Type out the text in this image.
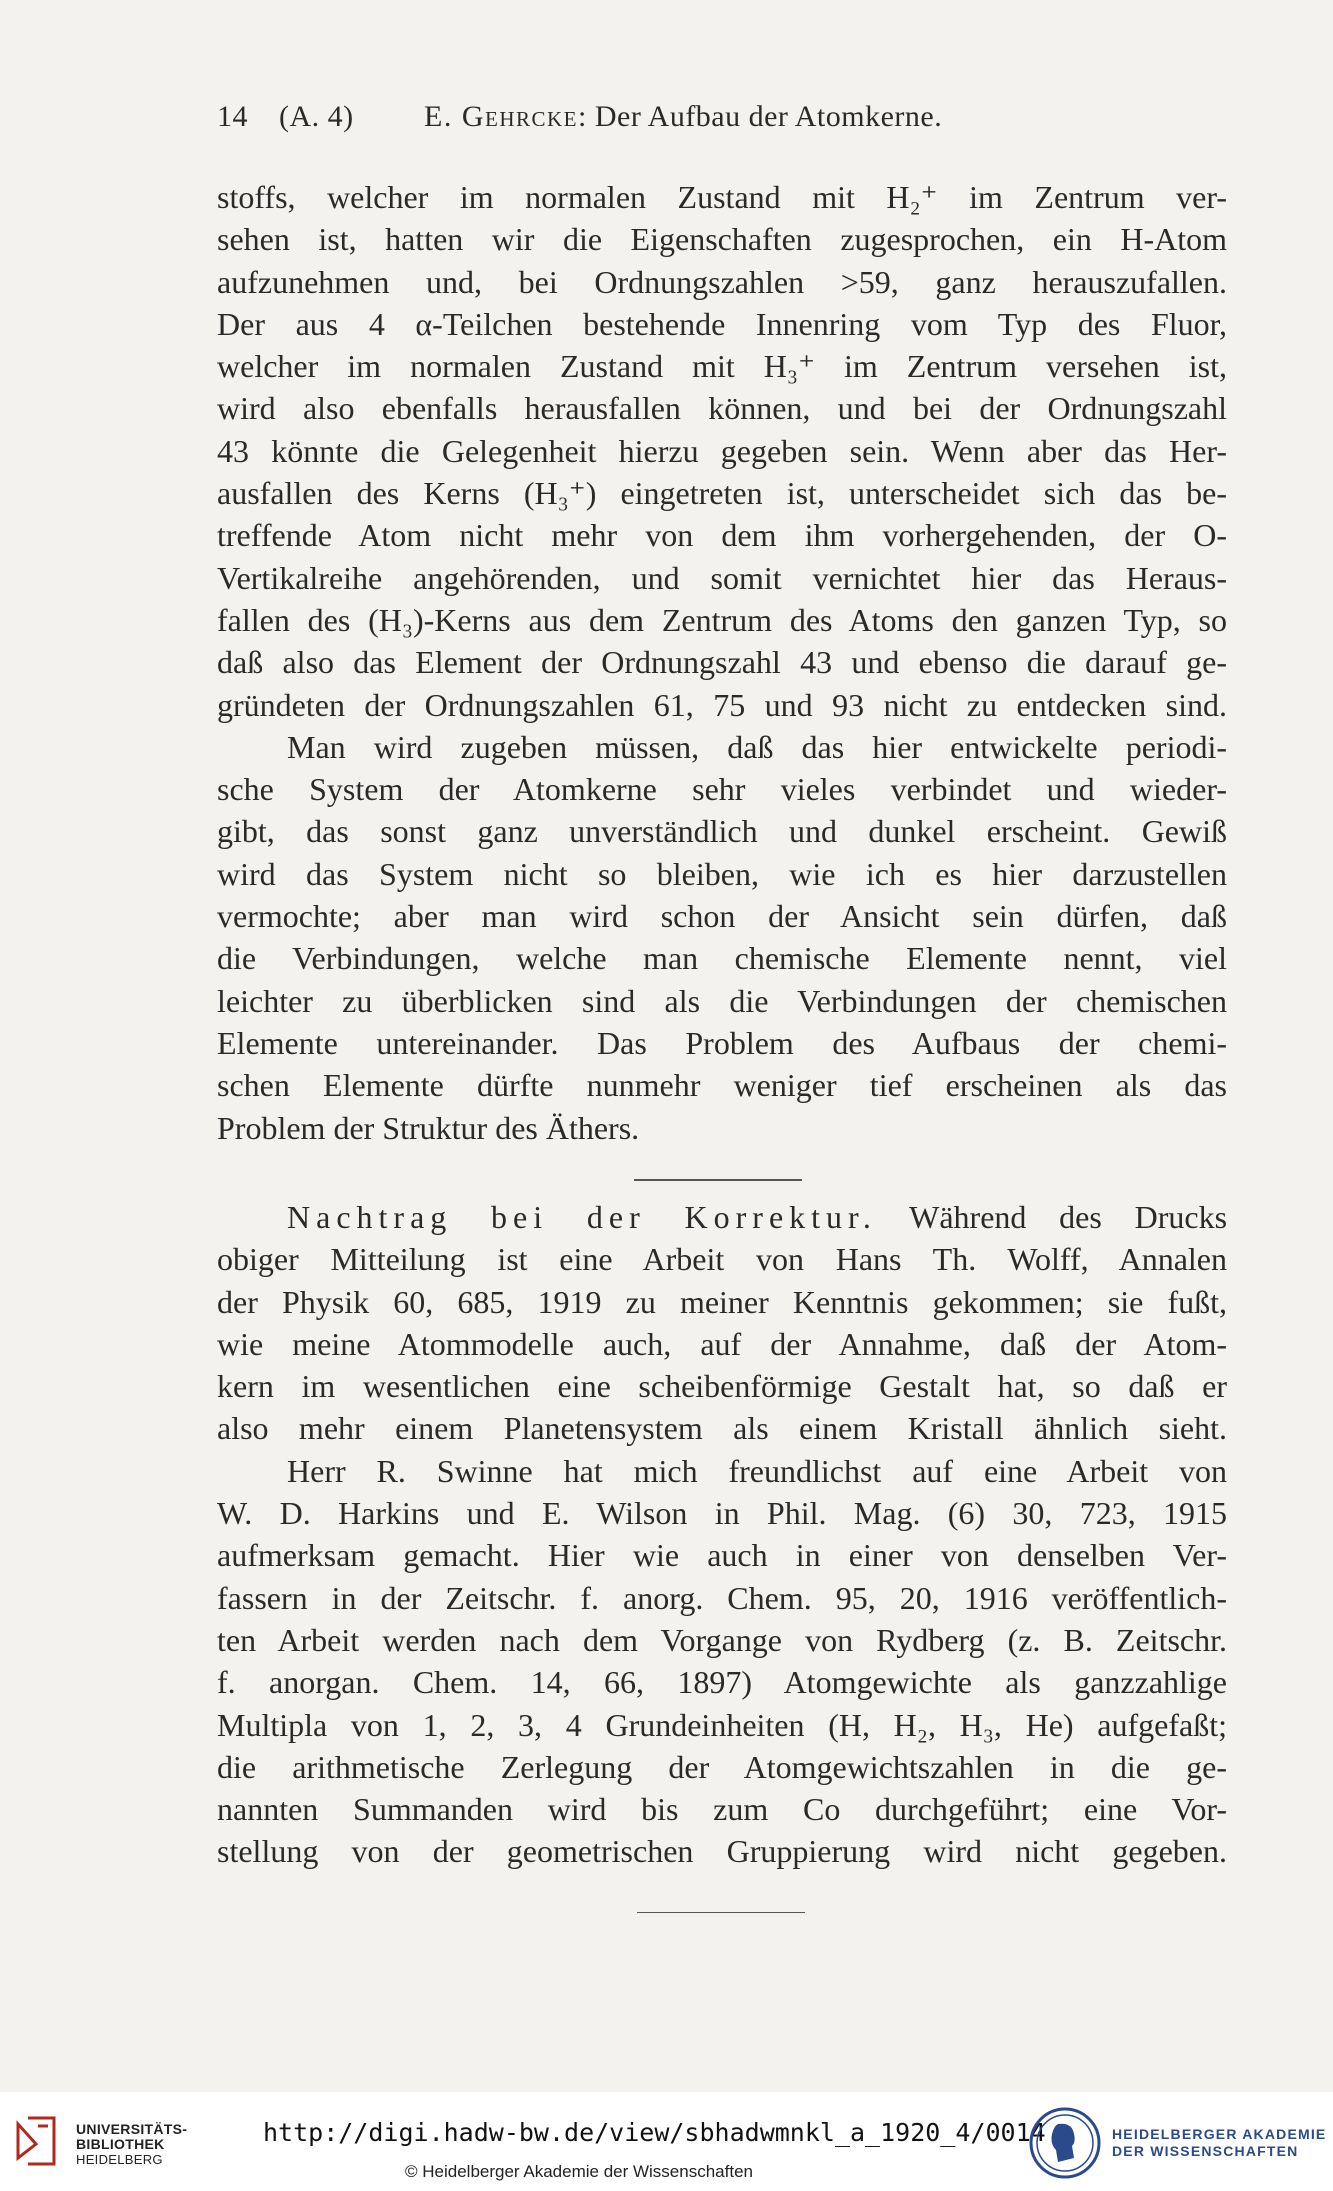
14	(A. 4)	E. Gehrcke : Der Aufbau der Atomkerne.
stoffs, welcher im normalen Zustand mit H₂⁺ im Zentrum ver-
sehen ist, hatten wir die Eigenschaften zugesprochen, ein H-Atom
aufzunehmen und, bei Ordnungszahlen >59, ganz herauszufallen.
Der aus 4 α-Teilchen bestehende Innenring vom Typ des Fluor,
welcher im normalen Zustand mit H₃⁺ im Zentrum versehen ist,
wird also ebenfalls herausfallen können, und bei der Ordnungszahl
43 könnte die Gelegenheit hierzu gegeben sein. Wenn aber das Her-
ausfallen des Kerns (H₃⁺) eingetreten ist, unterscheidet sich das be-
treffende Atom nicht mehr von dem ihm vorhergehenden, der O-
Vertikalreihe angehörenden, und somit vernichtet hier das Heraus-
fallen des (H₃)-Kerns aus dem Zentrum des Atoms den ganzen Typ, so
daß also das Element der Ordnungszahl 43 und ebenso die darauf ge-
gründeten der Ordnungszahlen 61, 75 und 93 nicht zu entdecken sind.
Man wird zugeben müssen, daß das hier entwickelte periodi-
sche System der Atomkerne sehr vieles verbindet und wieder-
gibt, das sonst ganz unverständlich und dunkel erscheint. Gewiß
wird das System nicht so bleiben, wie ich es hier darzustellen
vermochte; aber man wird schon der Ansicht sein dürfen, daß
die Verbindungen, welche man chemische Elemente nennt, viel
leichter zu überblicken sind als die Verbindungen der chemischen
Elemente untereinander. Das Problem des Aufbaus der chemi-
schen Elemente dürfte nunmehr weniger tief erscheinen als das
Problem der Struktur des Äthers.
Nachtrag bei der Korrektur. Während des Drucks
obiger Mitteilung ist eine Arbeit von Hans Th. Wolff, Annalen
der Physik 60, 685, 1919 zu meiner Kenntnis gekommen; sie fußt,
wie meine Atommodelle auch, auf der Annahme, daß der Atom-
kern im wesentlichen eine scheibenförmige Gestalt hat, so daß er
also mehr einem Planetensystem als einem Kristall ähnlich sieht.
Herr R. Swinne hat mich freundlichst auf eine Arbeit von
W. D. Harkins und E. Wilson in Phil. Mag. (6) 30, 723, 1915
aufmerksam gemacht. Hier wie auch in einer von denselben Ver-
fassern in der Zeitschr. f. anorg. Chem. 95, 20, 1916 veröffentlich-
ten Arbeit werden nach dem Vorgange von Rydberg (z. B. Zeitschr.
f. anorgan. Chem. 14, 66, 1897) Atomgewichte als ganzzahlige
Multipla von 1, 2, 3, 4 Grundeinheiten (H, H₂, H₃, He) aufgefaßt;
die arithmetische Zerlegung der Atomgewichtszahlen in die ge-
nannten Summanden wird bis zum Co durchgeführt; eine Vor-
stellung von der geometrischen Gruppierung wird nicht gegeben.
UNIVERSITÄTS-
BIBLIOTHEK
HEIDELBERG
http://digi.hadw-bw.de/view/sbhadwmnkl_a_1920_4/0014
© Heidelberger Akademie der Wissenschaften
HEIDELBERGER AKADEMIE
DER WISSENSCHAFTEN
